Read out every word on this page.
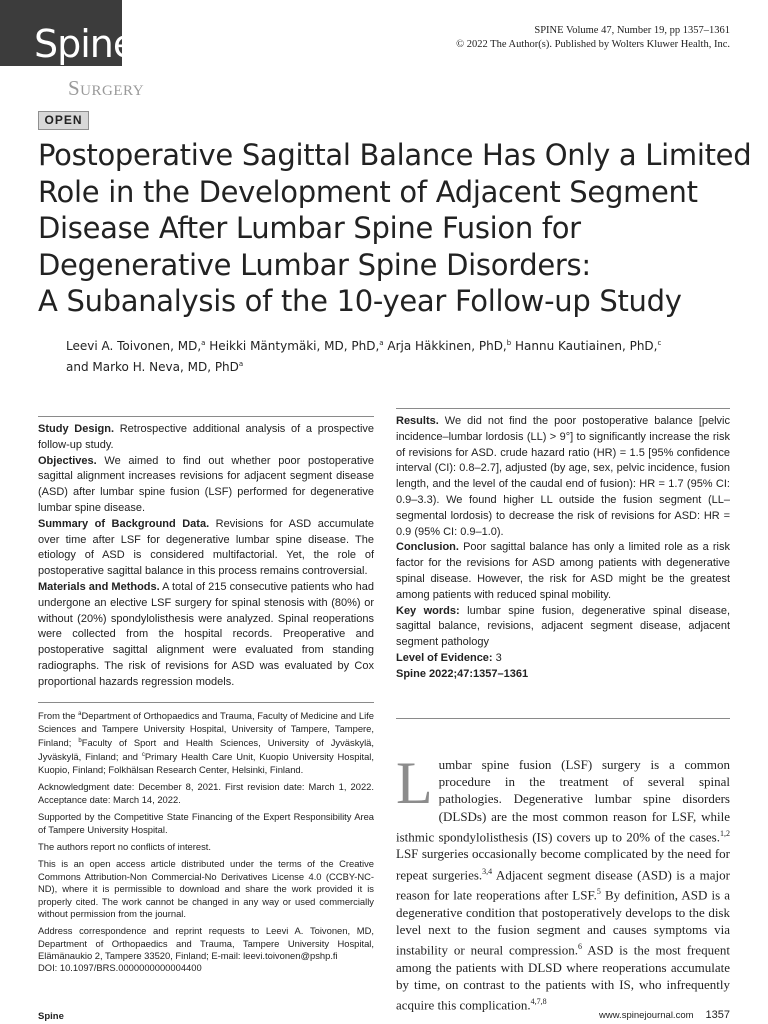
Spine
Surgery
OPEN
SPINE Volume 47, Number 19, pp 1357–1361
© 2022 The Author(s). Published by Wolters Kluwer Health, Inc.
Postoperative Sagittal Balance Has Only a Limited
Role in the Development of Adjacent Segment
Disease After Lumbar Spine Fusion for
Degenerative Lumbar Spine Disorders:
A Subanalysis of the 10-year Follow-up Study
Leevi A. Toivonen, MD,$^a$ Heikki Mäntymäki, MD, PhD,$^a$ Arja Häkkinen, PhD,$^b$ Hannu Kautiainen, PhD,$^c$
and Marko H. Neva, MD, PhD$^a$

Study Design. Retrospective additional analysis of a prospective follow-up study.

Objectives. We aimed to find out whether poor postoperative sagittal alignment increases revisions for adjacent segment disease (ASD) after lumbar spine fusion (LSF) performed for degenerative lumbar spine disease.

Summary of Background Data. Revisions for ASD accumulate over time after LSF for degenerative lumbar spine disease. The etiology of ASD is considered multifactorial. Yet, the role of postoperative sagittal balance in this process remains controversial.

Materials and Methods. A total of 215 consecutive patients who had undergone an elective LSF surgery for spinal stenosis with (80%) or without (20%) spondylolisthesis were analyzed. Spinal reoperations were collected from the hospital records. Preoperative and postoperative sagittal alignment were evaluated from standing radiographs. The risk of revisions for ASD was evaluated by Cox proportional hazards regression models.

Results. We did not find the poor postoperative balance [pelvic incidence–lumbar lordosis (LL) > 9°] to significantly increase the risk of revisions for ASD. crude hazard ratio (HR) = 1.5 [95% confidence interval (CI): 0.8–2.7], adjusted (by age, sex, pelvic incidence, fusion length, and the level of the caudal end of fusion): HR = 1.7 (95% CI: 0.9–3.3). We found higher LL outside the fusion segment (LL–segmental lordosis) to decrease the risk of revisions for ASD: HR = 0.9 (95% CI: 0.9–1.0).

Conclusion. Poor sagittal balance has only a limited role as a risk factor for the revisions for ASD among patients with degenerative spinal disease. However, the risk for ASD might be the greatest among patients with reduced spinal mobility.

Key words: lumbar spine fusion, degenerative spinal disease, sagittal balance, revisions, adjacent segment disease, adjacent segment pathology

Level of Evidence: 3

Spine 2022;47:1357–1361

From the $^a$Department of Orthopaedics and Trauma, Faculty of Medicine and Life Sciences and Tampere University Hospital, University of Tampere, Tampere, Finland; $^b$Faculty of Sport and Health Sciences, University of Jyväskylä, Jyväskylä, Finland; and $^c$Primary Health Care Unit, Kuopio University Hospital, Kuopio, Finland; Folkhälsan Research Center, Helsinki, Finland.

Acknowledgment date: December 8, 2021. First revision date: March 1, 2022. Acceptance date: March 14, 2022.

Supported by the Competitive State Financing of the Expert Responsibility Area of Tampere University Hospital.

The authors report no conflicts of interest.

This is an open access article distributed under the terms of the Creative Commons Attribution-Non Commercial-No Derivatives License 4.0 (CCBY-NC-ND), where it is permissible to download and share the work provided it is properly cited. The work cannot be changed in any way or used commercially without permission from the journal.

Address correspondence and reprint requests to Leevi A. Toivonen, MD, Department of Orthopaedics and Trauma, Tampere University Hospital, Elämänaukio 2, Tampere 33520, Finland; E-mail: leevi.toivonen@pshp.fi

DOI: 10.1097/BRS.0000000000004400
Lumbar spine fusion (LSF) surgery is a common procedure in the treatment of several spinal pathologies. Degenerative lumbar spine disorders (DLSDs) are the most common reason for LSF, while isthmic spondylolisthesis (IS) covers up to 20% of the cases.$^{1,2}$ LSF surgeries occasionally become complicated by the need for repeat surgeries.$^{3,4}$ Adjacent segment disease (ASD) is a major reason for late reoperations after LSF.$^5$ By definition, ASD is a degenerative condition that postoperatively develops to the disk level next to the fusion segment and causes symptoms via instability or neural compression.$^6$ ASD is the most frequent among the patients with DLSD where reoperations accumulate by time, on contrast to the patients with IS, who infrequently acquire this complication.$^{4,7,8}$
Spine	www.spinejournal.com 1357
